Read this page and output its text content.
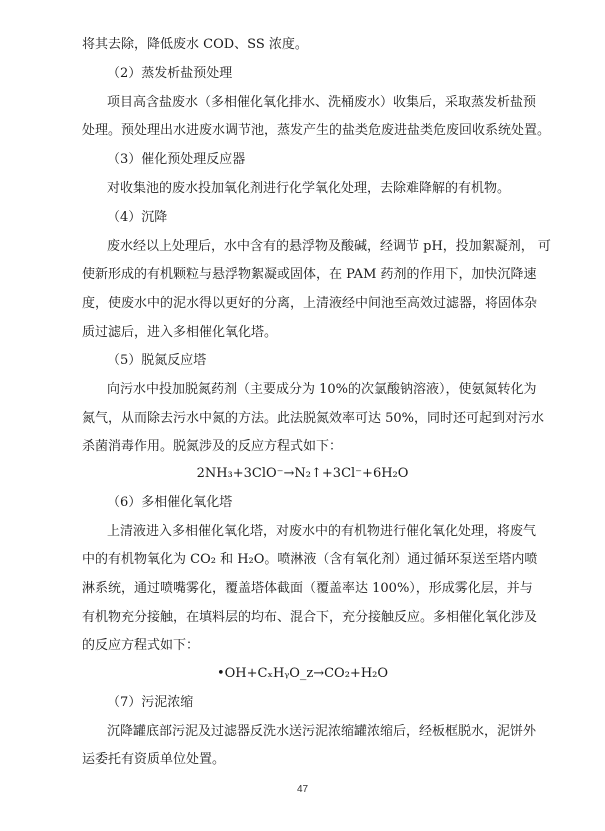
将其去除，降低废水 COD、SS 浓度。
（2）蒸发析盐预处理
项目高含盐废水（多相催化氧化排水、洗桶废水）收集后，采取蒸发析盐预
处理。预处理出水进废水调节池，蒸发产生的盐类危废进盐类危废回收系统处置。
（3）催化预处理反应器
对收集池的废水投加氧化剂进行化学氧化处理，去除难降解的有机物。
（4）沉降
废水经以上处理后，水中含有的悬浮物及酸碱，经调节 pH，投加絮凝剂， 可
使新形成的有机颗粒与悬浮物絮凝或固体，在 PAM 药剂的作用下，加快沉降速
度，使废水中的泥水得以更好的分离，上清液经中间池至高效过滤器，将固体杂
质过滤后，进入多相催化氧化塔。
（5）脱氮反应塔
向污水中投加脱氮药剂（主要成分为 10%的次氯酸钠溶液），使氨氮转化为
氮气，从而除去污水中氮的方法。此法脱氮效率可达 50%，同时还可起到对污水
杀菌消毒作用。脱氮涉及的反应方程式如下：
2NH₃+3ClO⁻→N₂↑+3Cl⁻+6H₂O
（6）多相催化氧化塔
上清液进入多相催化氧化塔，对废水中的有机物进行催化氧化处理，将废气
中的有机物氧化为 CO₂ 和 H₂O。喷淋液（含有氧化剂）通过循环泵送至塔内喷
淋系统，通过喷嘴雾化，覆盖塔体截面（覆盖率达 100%），形成雾化层，并与
有机物充分接触，在填料层的均布、混合下，充分接触反应。多相催化氧化涉及
的反应方程式如下：
•OH+CₓHᵧO_z→CO₂+H₂O
（7）污泥浓缩
沉降罐底部污泥及过滤器反洗水送污泥浓缩罐浓缩后，经板框脱水，泥饼外
运委托有资质单位处置。
47
